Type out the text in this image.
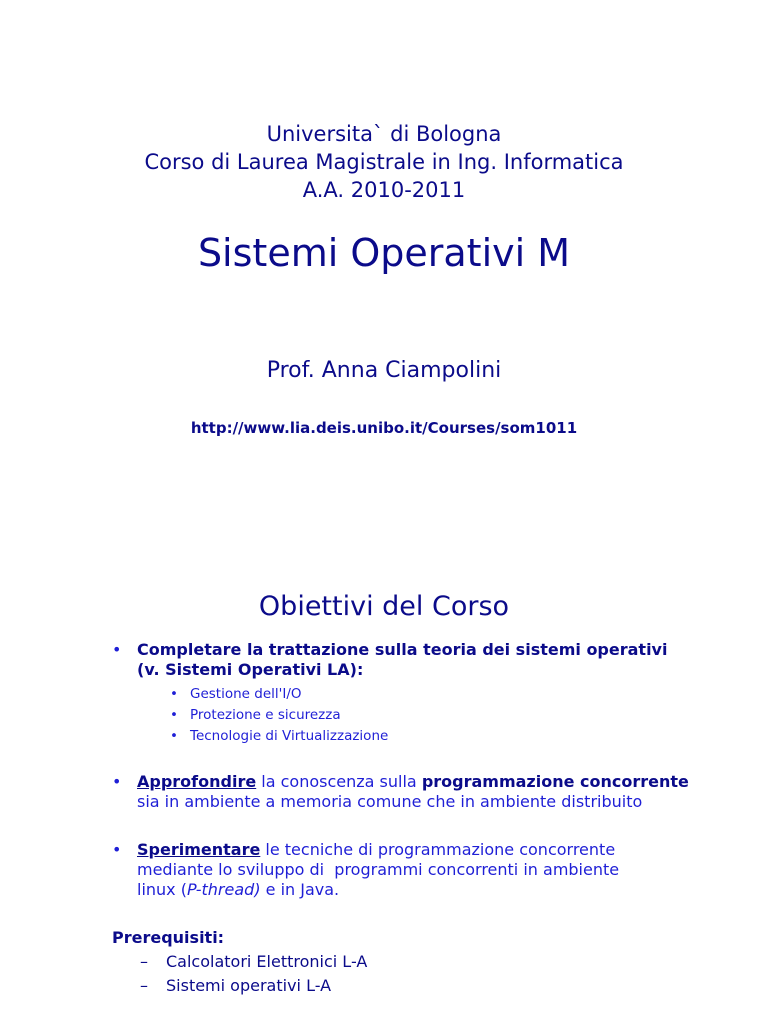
Universita` di Bologna
Corso di Laurea Magistrale in Ing. Informatica
A.A. 2010-2011
Sistemi Operativi M
Prof. Anna Ciampolini
http://www.lia.deis.unibo.it/Courses/som1011
Obiettivi del Corso
• Completare la trattazione sulla teoria dei sistemi operativi
(v. Sistemi Operativi LA):
• Gestione dell'I/O
• Protezione e sicurezza
• Tecnologie di Virtualizzazione
• Approfondire la conoscenza sulla programmazione concorrente
sia in ambiente a memoria comune che in ambiente distribuito
• Sperimentare le tecniche di programmazione concorrente
mediante lo sviluppo di  programmi concorrenti in ambiente
linux (P-thread) e in Java.
Prerequisiti:
– Calcolatori Elettronici L-A
– Sistemi operativi L-A
